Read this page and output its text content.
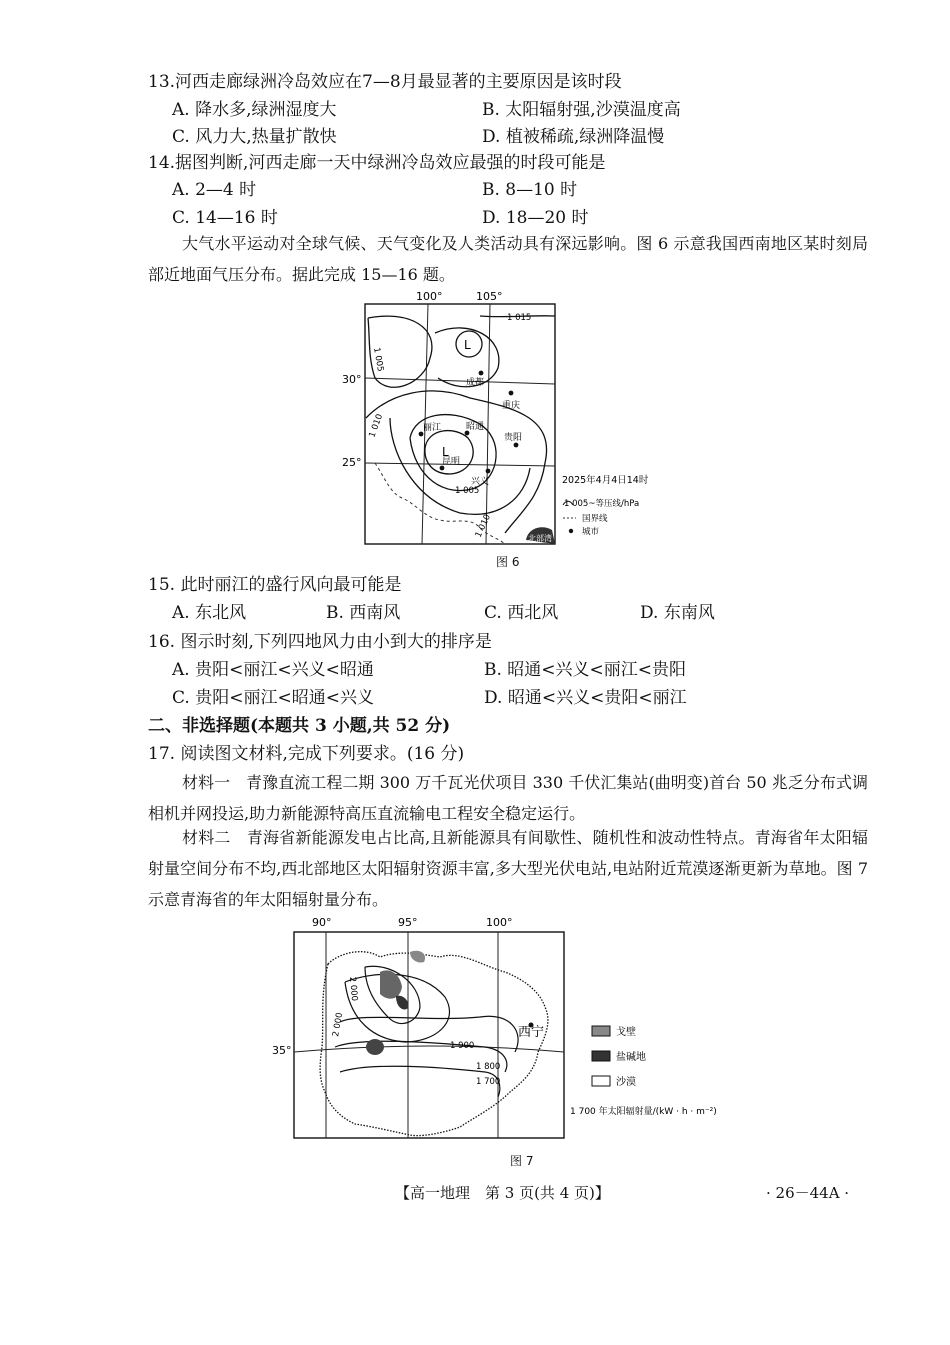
13.河西走廊绿洲冷岛效应在7—8月最显著的主要原因是该时段
A. 降水多,绿洲湿度大	B. 太阳辐射强,沙漠温度高
C. 风力大,热量扩散快	D. 植被稀疏,绿洲降温慢
14.据图判断,河西走廊一天中绿洲冷岛效应最强的时段可能是
A. 2—4 时	B. 8—10 时
C. 14—16 时	D. 18—20 时
大气水平运动对全球气候、天气变化及人类活动具有深远影响。图 6 示意我国西南地区某时刻局部近地面气压分布。据此完成 15—16 题。
100°	105°
30°
25°
1 015
1 005
1 010
1 005
1 010
L
L
成都
重庆
丽江	昭通
贵阳
昆明
兴义
北部湾
2025年4月4日14时
1 005~等压线/hPa
国界线
城市
图 6
15. 此时丽江的盛行风向最可能是
A. 东北风	B. 西南风	C. 西北风	D. 东南风
16. 图示时刻,下列四地风力由小到大的排序是
A. 贵阳<丽江<兴义<昭通	B. 昭通<兴义<丽江<贵阳
C. 贵阳<丽江<昭通<兴义	D. 昭通<兴义<贵阳<丽江
二、非选择题(本题共 3 小题,共 52 分)
17. 阅读图文材料,完成下列要求。(16 分)
材料一　青豫直流工程二期 300 万千瓦光伏项目 330 千伏汇集站(曲明变)首台 50 兆乏分布式调相机并网投运,助力新能源特高压直流输电工程安全稳定运行。
材料二　青海省新能源发电占比高,且新能源具有间歇性、随机性和波动性特点。青海省年太阳辐射量空间分布不均,西北部地区太阳辐射资源丰富,多大型光伏电站,电站附近荒漠逐渐更新为草地。图 7 示意青海省的年太阳辐射量分布。
90°	95°	100°
35°
2 000
2 000
1 900
1 800
1 700
西宁	戈壁
盐碱地
沙漠
1 700 年太阳辐射量/(kW · h · m⁻²)
图 7
【高一地理　第 3 页(共 4 页)】	· 26－44A ·
